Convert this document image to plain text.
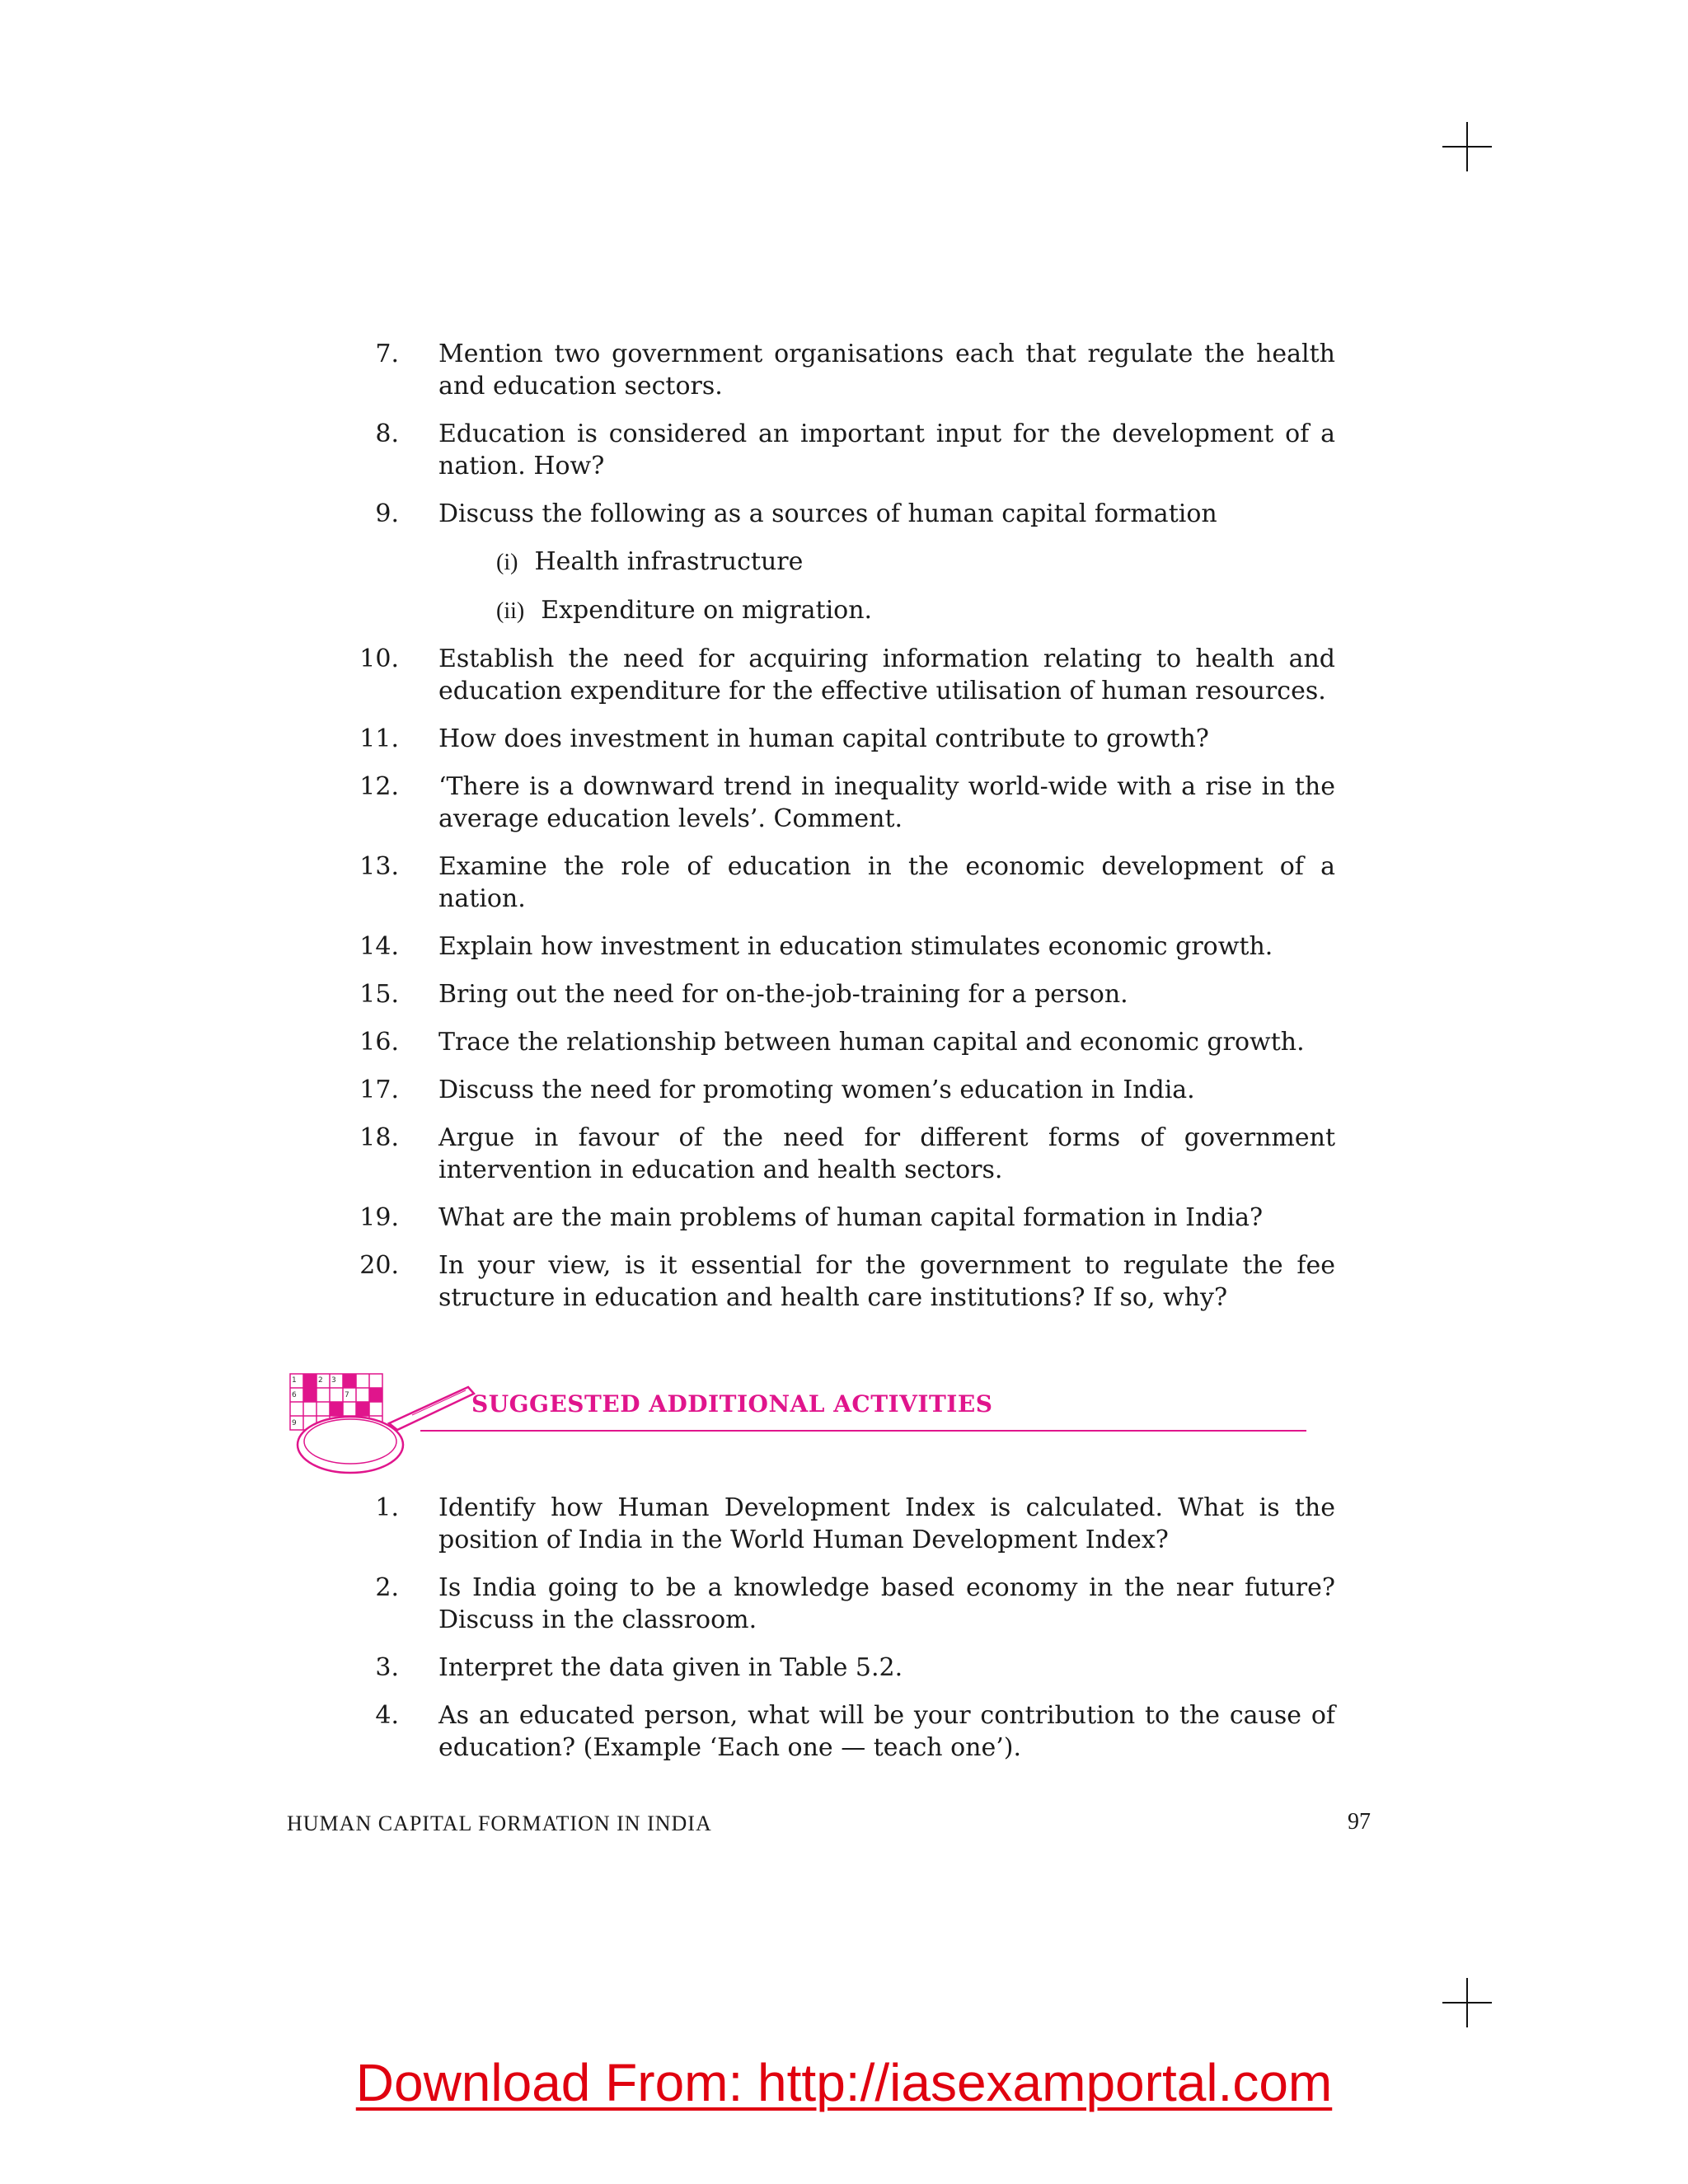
7. Mention two government organisations each that regulate the health and education sectors.
8. Education is considered an important input for the development of a nation. How?
9. Discuss the following as a sources of human capital formation
(i) Health infrastructure
(ii) Expenditure on migration.
10. Establish the need for acquiring information relating to health and education expenditure for the effective utilisation of human resources.
11. How does investment in human capital contribute to growth?
12. ‘There is a downward trend in inequality world-wide with a rise in the average education levels’. Comment.
13. Examine the role of education in the economic development of a nation.
14. Explain how investment in education stimulates economic growth.
15. Bring out the need for on-the-job-training for a person.
16. Trace the relationship between human capital and economic growth.
17. Discuss the need for promoting women’s education in India.
18. Argue in favour of the need for different forms of government intervention in education and health sectors.
19. What are the main problems of human capital formation in India?
20. In your view, is it essential for the government to regulate the fee structure in education and health care institutions? If so, why?
1	2 3
6	7
9
SUGGESTED ADDITIONAL ACTIVITIES
1. Identify how Human Development Index is calculated. What is the position of India in the World Human Development Index?
2. Is India going to be a knowledge based economy in the near future? Discuss in the classroom.
3. Interpret the data given in Table 5.2.
4. As an educated person, what will be your contribution to the cause of education? (Example ‘Each one — teach one’).
HUMAN CAPITAL FORMATION IN INDIA	97
Download From: http://iasexamportal.com
